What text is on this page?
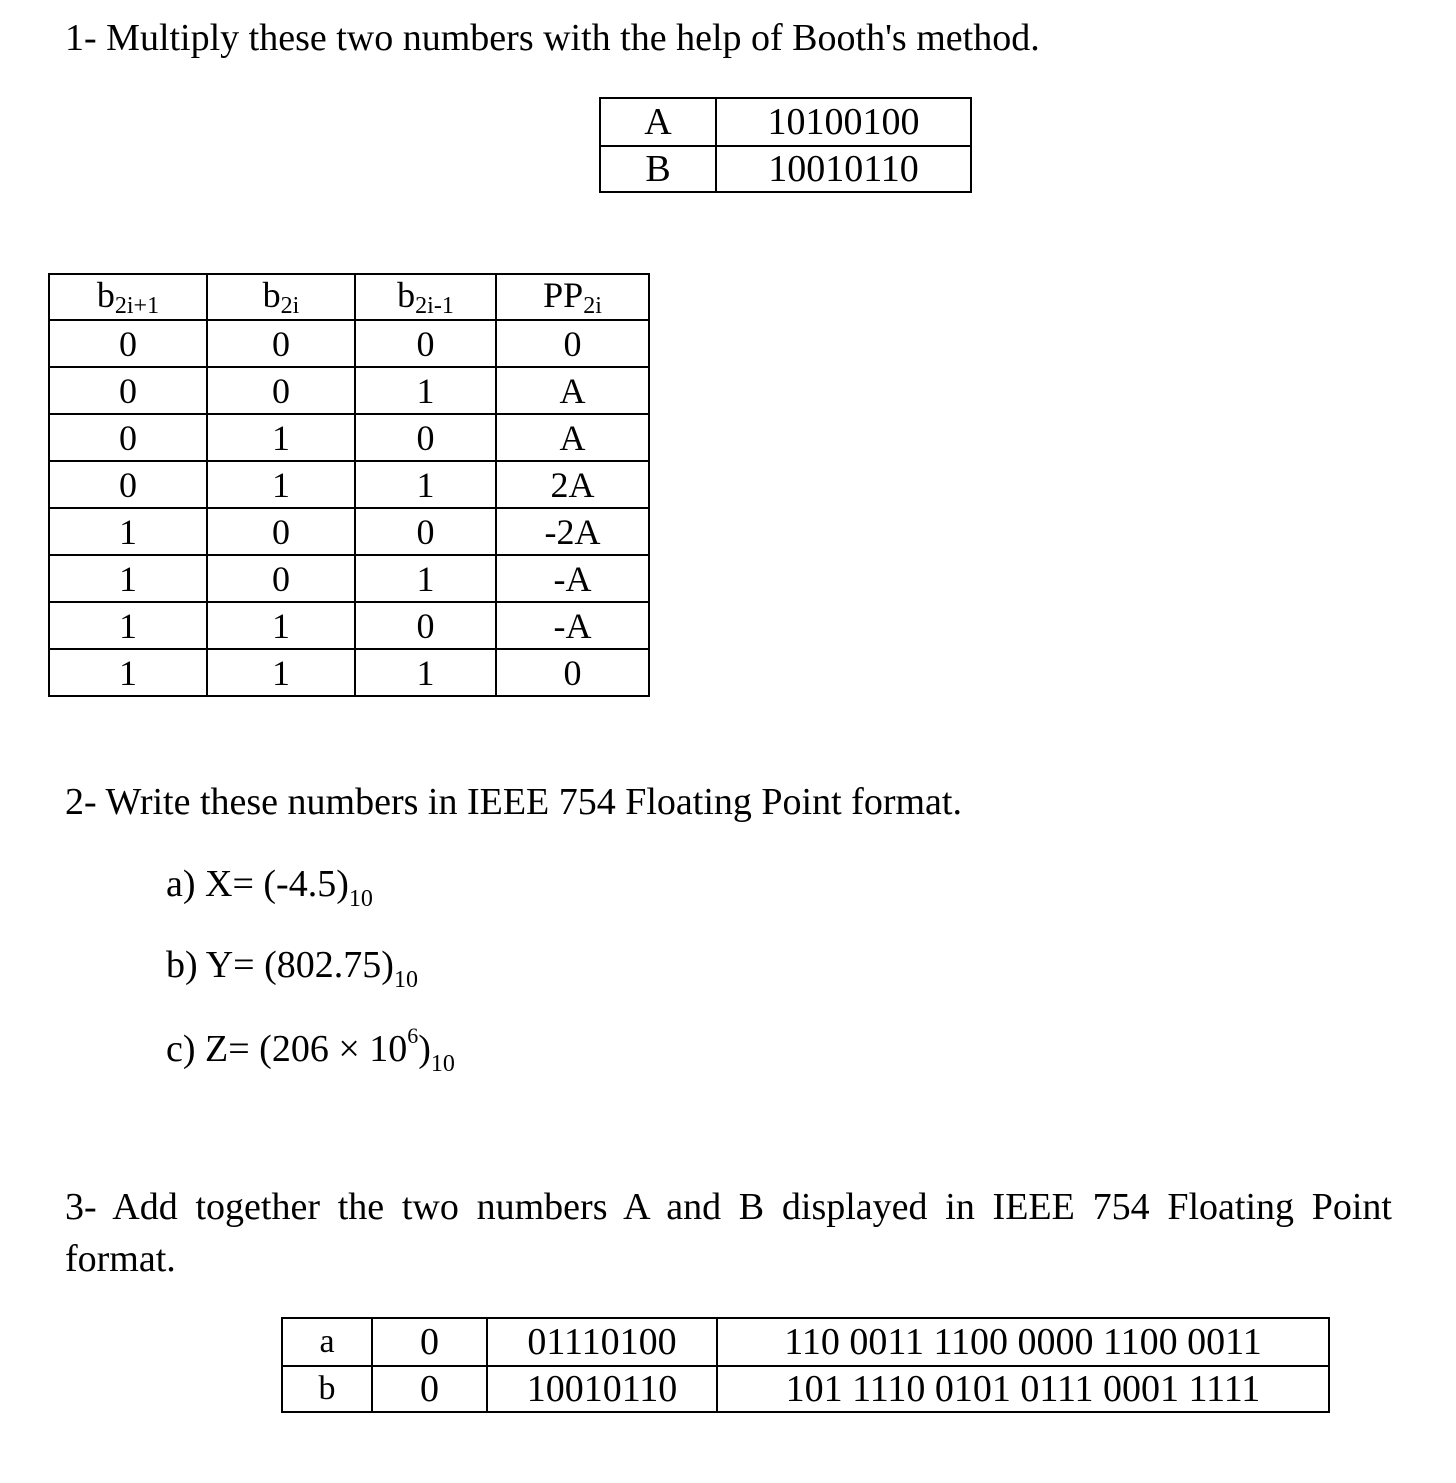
1- Multiply these two numbers with the help of Booth's method.
A	10100100
B	10010110
b2i+1	b2i	b2i-1	PP2i
0	0	0	0
0	0	1	A
0	1	0	A
0	1	1	2A
1	0	0	-2A
1	0	1	-A
1	1	0	-A
1	1	1	0
2- Write these numbers in IEEE 754 Floating Point format.
a) $X= (-4.5)_{10}$
b) $Y= (802.75)_{10}$
c) $Z= (206 \times 10^6)_{10}$
3- Add together the two numbers A and B displayed in IEEE 754 Floating Point
format.
a	0	01110100	110 0011 1100 0000 1100 0011
b	0	10010110	101 1110 0101 0111 0001 1111
